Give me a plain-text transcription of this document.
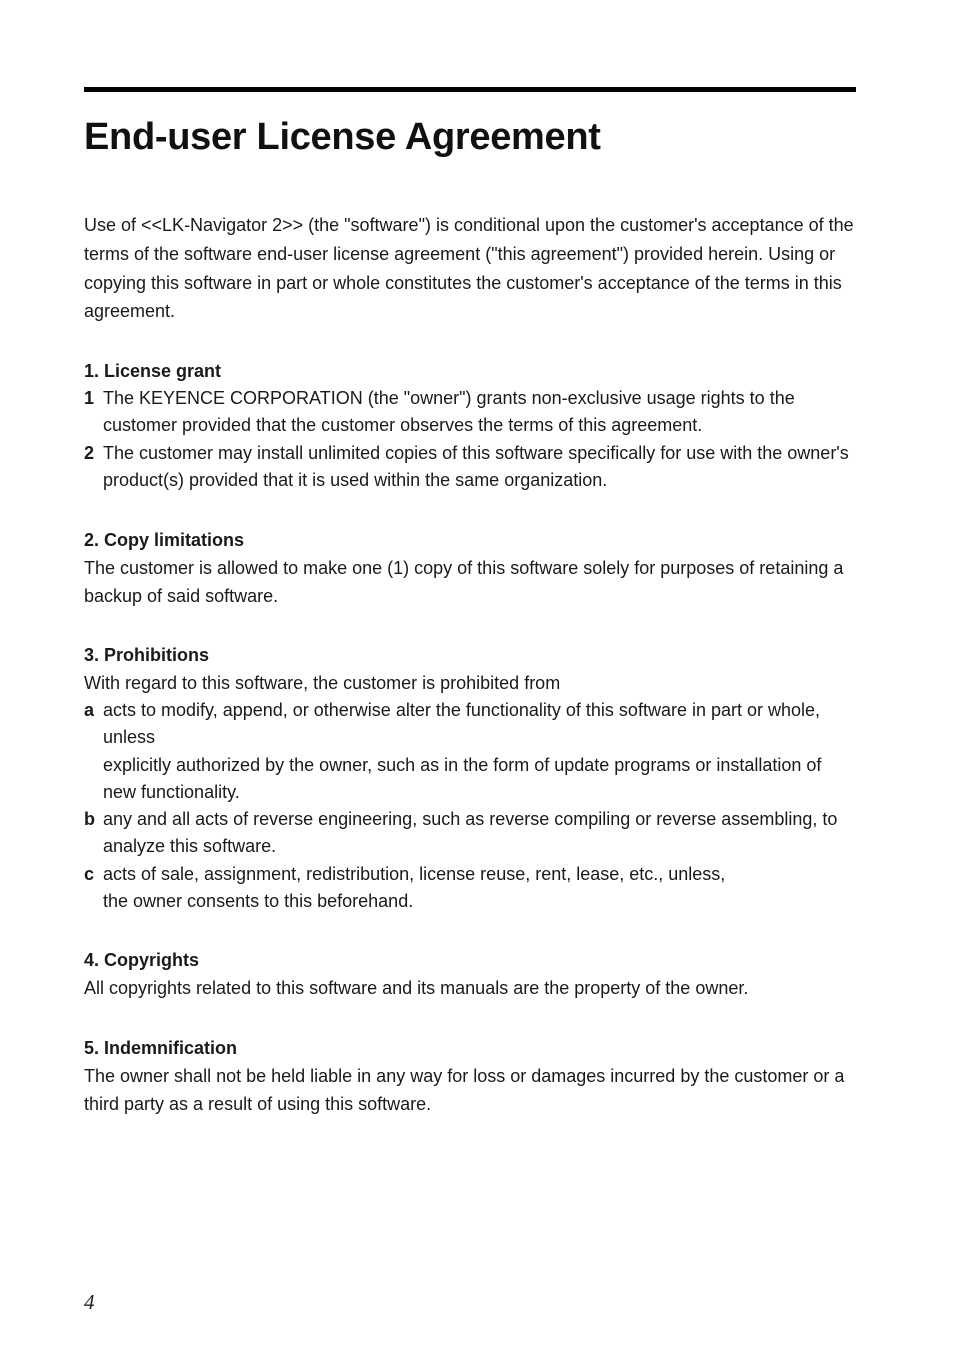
End-user License Agreement

Use of <<LK-Navigator 2>> (the "software") is conditional upon the customer's acceptance of the terms of the software end-user license agreement ("this agreement") provided herein. Using or copying this software in part or whole constitutes the customer's acceptance of the terms in this agreement.

1. License grant

1 The KEYENCE CORPORATION (the "owner") grants non-exclusive usage rights to the customer provided that the customer observes the terms of this agreement.
2 The customer may install unlimited copies of this software specifically for use with the owner's product(s) provided that it is used within the same organization.

2. Copy limitations

The customer is allowed to make one (1) copy of this software solely for purposes of retaining a backup of said software.

3. Prohibitions

With regard to this software, the customer is prohibited from

a acts to modify, append, or otherwise alter the functionality of this software in part or whole, unless
explicitly authorized by the owner, such as in the form of update programs or installation of new functionality.
b any and all acts of reverse engineering, such as reverse compiling or reverse assembling, to analyze this software.
c acts of sale, assignment, redistribution, license reuse, rent, lease, etc., unless,
the owner consents to this beforehand.

4. Copyrights

All copyrights related to this software and its manuals are the property of the owner.

5. Indemnification

The owner shall not be held liable in any way for loss or damages incurred by the customer or a third party as a result of using this software.

4
